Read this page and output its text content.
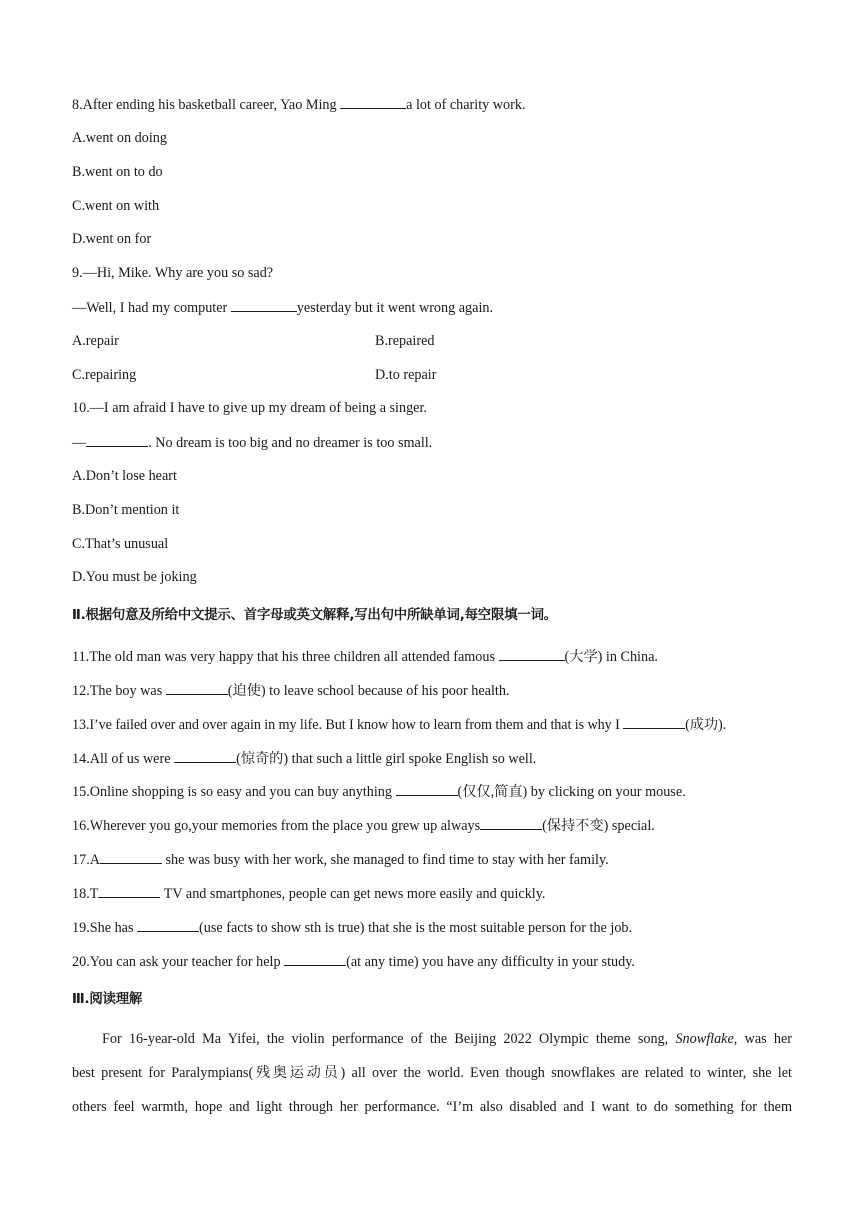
8.After ending his basketball career, Yao Ming	a lot of charity work.
A.went on doing
B.went on to do
C.went on with
D.went on for
9.—Hi, Mike. Why are you so sad?
—Well, I had my computer	yesterday but it went wrong again.
A.repair	B.repaired
C.repairing	D.to repair
10.—I am afraid I have to give up my dream of being a singer.
—	. No dream is too big and no dreamer is too small.
A.Don’t lose heart
B.Don’t mention it
C.That’s unusual
D.You must be joking
Ⅱ.根据句意及所给中文提示、首字母或英文解释,写出句中所缺单词,每空限填一词。
11.The old man was very happy that his three children all attended famous	(大学) in China.
12.The boy was	(迫使) to leave school because of his poor health.
13.I’ve failed over and over again in my life. But I know how to learn from them and that is why I	(成功).
14.All of us were	(惊奇的) that such a little girl spoke English so well.
15.Online shopping is so easy and you can buy anything	(仅仅,简直) by clicking on your mouse.
16.Wherever you go,your memories from the place you grew up always	(保持不变) special.
17.A	she was busy with her work, she managed to find time to stay with her family.
18.T	TV and smartphones, people can get news more easily and quickly.
19.She has	(use facts to show sth is true) that she is the most suitable person for the job.
20.You can ask your teacher for help	(at any time) you have any difficulty in your study.
Ⅲ.阅读理解
For 16-year-old Ma Yifei, the violin performance of the Beijing 2022 Olympic theme song, Snowflake, was her
best present for Paralympians(残奥运动员) all over the world. Even though snowflakes are related to winter, she let
others feel warmth, hope and light through her performance. “I’m also disabled and I want to do something for them
